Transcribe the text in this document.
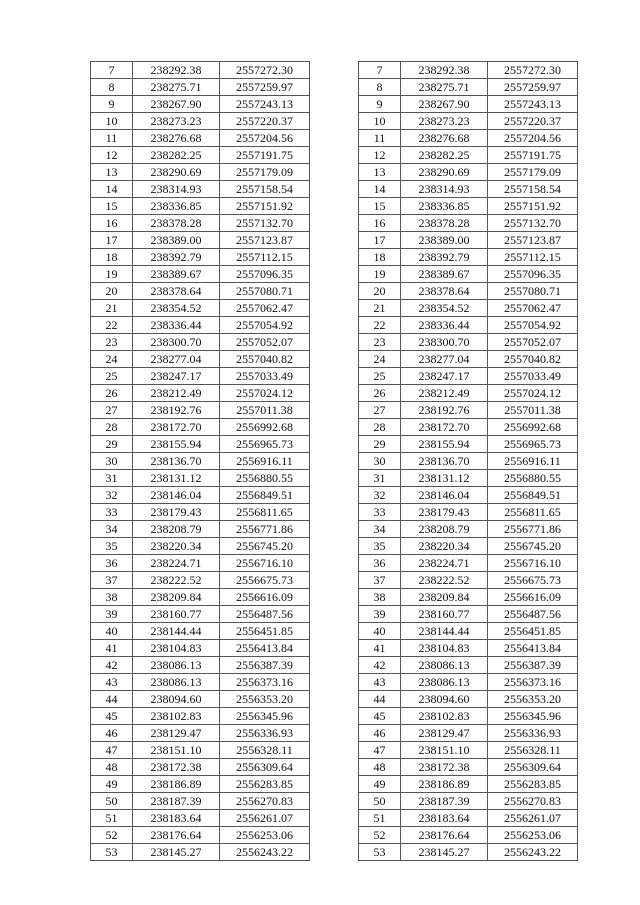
7	238292.38	2557272.30
8	238275.71	2557259.97
9	238267.90	2557243.13
10	238273.23	2557220.37
11	238276.68	2557204.56
12	238282.25	2557191.75
13	238290.69	2557179.09
14	238314.93	2557158.54
15	238336.85	2557151.92
16	238378.28	2557132.70
17	238389.00	2557123.87
18	238392.79	2557112.15
19	238389.67	2557096.35
20	238378.64	2557080.71
21	238354.52	2557062.47
22	238336.44	2557054.92
23	238300.70	2557052.07
24	238277.04	2557040.82
25	238247.17	2557033.49
26	238212.49	2557024.12
27	238192.76	2557011.38
28	238172.70	2556992.68
29	238155.94	2556965.73
30	238136.70	2556916.11
31	238131.12	2556880.55
32	238146.04	2556849.51
33	238179.43	2556811.65
34	238208.79	2556771.86
35	238220.34	2556745.20
36	238224.71	2556716.10
37	238222.52	2556675.73
38	238209.84	2556616.09
39	238160.77	2556487.56
40	238144.44	2556451.85
41	238104.83	2556413.84
42	238086.13	2556387.39
43	238086.13	2556373.16
44	238094.60	2556353.20
45	238102.83	2556345.96
46	238129.47	2556336.93
47	238151.10	2556328.11
48	238172.38	2556309.64
49	238186.89	2556283.85
50	238187.39	2556270.83
51	238183.64	2556261.07
52	238176.64	2556253.06
53	238145.27	2556243.22
7	238292.38	2557272.30
8	238275.71	2557259.97
9	238267.90	2557243.13
10	238273.23	2557220.37
11	238276.68	2557204.56
12	238282.25	2557191.75
13	238290.69	2557179.09
14	238314.93	2557158.54
15	238336.85	2557151.92
16	238378.28	2557132.70
17	238389.00	2557123.87
18	238392.79	2557112.15
19	238389.67	2557096.35
20	238378.64	2557080.71
21	238354.52	2557062.47
22	238336.44	2557054.92
23	238300.70	2557052.07
24	238277.04	2557040.82
25	238247.17	2557033.49
26	238212.49	2557024.12
27	238192.76	2557011.38
28	238172.70	2556992.68
29	238155.94	2556965.73
30	238136.70	2556916.11
31	238131.12	2556880.55
32	238146.04	2556849.51
33	238179.43	2556811.65
34	238208.79	2556771.86
35	238220.34	2556745.20
36	238224.71	2556716.10
37	238222.52	2556675.73
38	238209.84	2556616.09
39	238160.77	2556487.56
40	238144.44	2556451.85
41	238104.83	2556413.84
42	238086.13	2556387.39
43	238086.13	2556373.16
44	238094.60	2556353.20
45	238102.83	2556345.96
46	238129.47	2556336.93
47	238151.10	2556328.11
48	238172.38	2556309.64
49	238186.89	2556283.85
50	238187.39	2556270.83
51	238183.64	2556261.07
52	238176.64	2556253.06
53	238145.27	2556243.22
